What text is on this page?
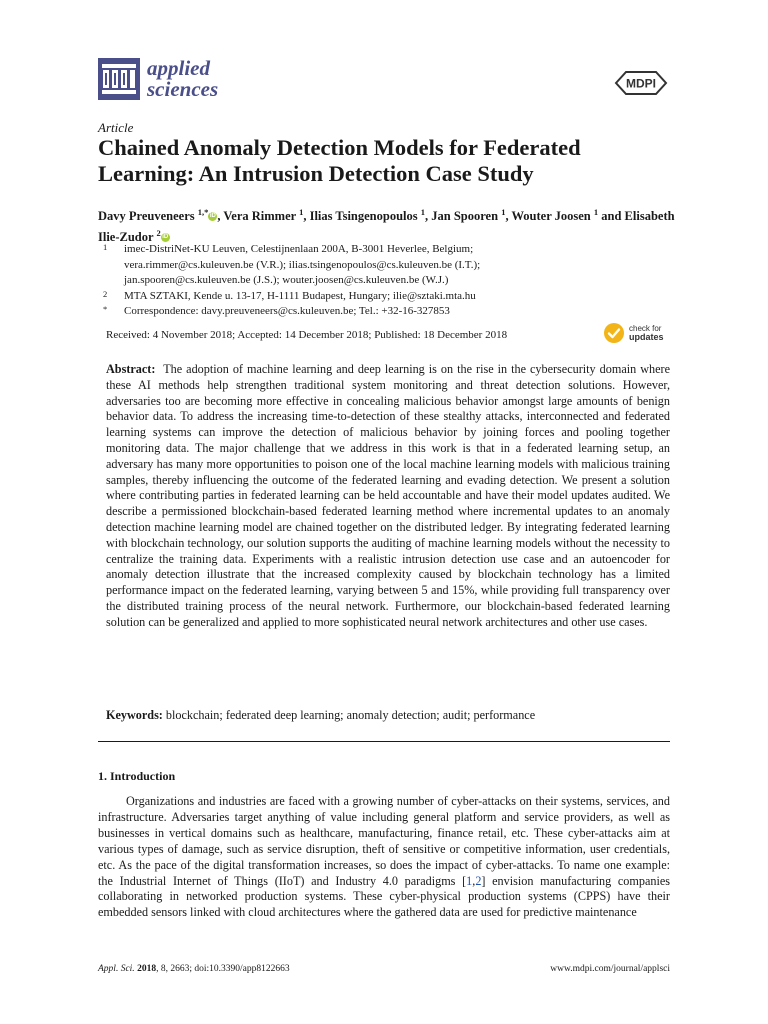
applied
sciences	MDPI
Article
Chained Anomaly Detection Models for Federated Learning: An Intrusion Detection Case Study
Davy Preuveneers $^{1,*}$ iD , Vera Rimmer $^1$, Ilias Tsingenopoulos $^1$, Jan Spooren $^1$, Wouter Joosen $^1$ and Elisabeth Ilie-Zudor $^2$ iD
1	imec-DistriNet-KU Leuven, Celestijnenlaan 200A, B-3001 Heverlee, Belgium;
vera.rimmer@cs.kuleuven.be (V.R.); ilias.tsingenopoulos@cs.kuleuven.be (I.T.);
jan.spooren@cs.kuleuven.be (J.S.); wouter.joosen@cs.kuleuven.be (W.J.)
2	MTA SZTAKI, Kende u. 13-17, H-1111 Budapest, Hungary; ilie@sztaki.mta.hu
*	Correspondence: davy.preuveneers@cs.kuleuven.be; Tel.: +32-16-327853
Received: 4 November 2018; Accepted: 14 December 2018; Published: 18 December 2018
check for
updates
Abstract: The adoption of machine learning and deep learning is on the rise in the cybersecurity domain where these AI methods help strengthen traditional system monitoring and threat detection solutions. However, adversaries too are becoming more effective in concealing malicious behavior amongst large amounts of benign behavior data. To address the increasing time-to-detection of these stealthy attacks, interconnected and federated learning systems can improve the detection of malicious behavior by joining forces and pooling together monitoring data. The major challenge that we address in this work is that in a federated learning setup, an adversary has many more opportunities to poison one of the local machine learning models with malicious training samples, thereby influencing the outcome of the federated learning and evading detection. We present a solution where contributing parties in federated learning can be held accountable and have their model updates audited. We describe a permissioned blockchain-based federated learning method where incremental updates to an anomaly detection machine learning model are chained together on the distributed ledger. By integrating federated learning with blockchain technology, our solution supports the auditing of machine learning models without the necessity to centralize the training data. Experiments with a realistic intrusion detection use case and an autoencoder for anomaly detection illustrate that the increased complexity caused by blockchain technology has a limited performance impact on the federated learning, varying between 5 and 15%, while providing full transparency over the distributed training process of the neural network. Furthermore, our blockchain-based federated learning solution can be generalized and applied to more sophisticated neural network architectures and other use cases.
Keywords: blockchain; federated deep learning; anomaly detection; audit; performance
1. Introduction
Organizations and industries are faced with a growing number of cyber-attacks on their systems, services, and infrastructure. Adversaries target anything of value including general platform and service providers, as well as businesses in vertical domains such as healthcare, manufacturing, finance retail, etc. These cyber-attacks aim at various types of damage, such as service disruption, theft of sensitive or competitive information, user credentials, etc. As the pace of the digital transformation increases, so does the impact of cyber-attacks. To name one example: the Industrial Internet of Things (IIoT) and Industry 4.0 paradigms [1,2] envision manufacturing companies collaborating in networked production systems. These cyber-physical production systems (CPPS) have their embedded sensors linked with cloud architectures where the gathered data are used for predictive maintenance
Appl. Sci. 2018, 8, 2663; doi:10.3390/app8122663	www.mdpi.com/journal/applsci
